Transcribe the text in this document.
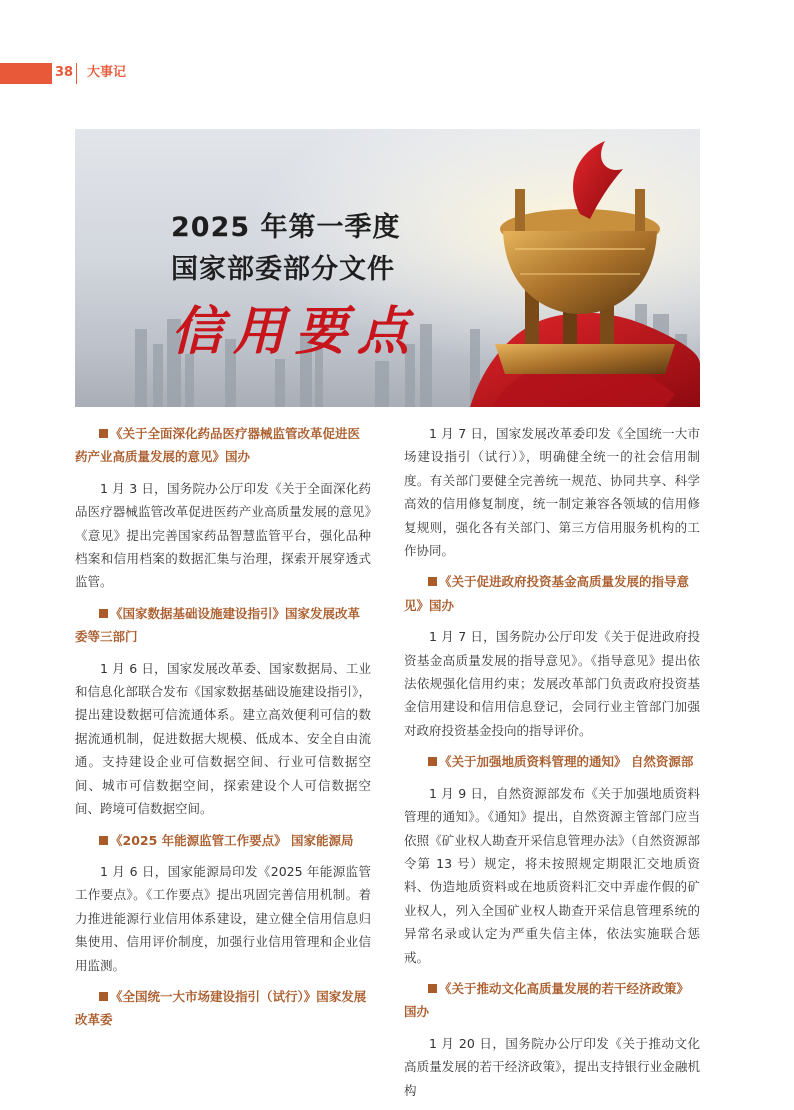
38 大事记
2025 年第一季度
国家部委部分文件
信用要点
《关于全面深化药品医疗器械监管改革促进医药产业高质量发展的意见》国办
1 月 3 日，国务院办公厅印发《关于全面深化药品医疗器械监管改革促进医药产业高质量发展的意见》《意见》提出完善国家药品智慧监管平台，强化品种档案和信用档案的数据汇集与治理，探索开展穿透式监管。
《国家数据基础设施建设指引》国家发展改革委等三部门
1 月 6 日，国家发展改革委、国家数据局、工业和信息化部联合发布《国家数据基础设施建设指引》，提出建设数据可信流通体系。建立高效便利可信的数据流通机制，促进数据大规模、低成本、安全自由流通。支持建设企业可信数据空间、行业可信数据空间、城市可信数据空间，探索建设个人可信数据空间、跨境可信数据空间。
《2025 年能源监管工作要点》 国家能源局
1 月 6 日，国家能源局印发《2025 年能源监管工作要点》。《工作要点》提出巩固完善信用机制。着力推进能源行业信用体系建设，建立健全信用信息归集使用、信用评价制度，加强行业信用管理和企业信用监测。
《全国统一大市场建设指引（试行）》国家发展改革委
1 月 7 日，国家发展改革委印发《全国统一大市场建设指引（试行）》，明确健全统一的社会信用制度。有关部门要健全完善统一规范、协同共享、科学高效的信用修复制度，统一制定兼容各领域的信用修复规则，强化各有关部门、第三方信用服务机构的工作协同。
《关于促进政府投资基金高质量发展的指导意见》国办
1 月 7 日，国务院办公厅印发《关于促进政府投资基金高质量发展的指导意见》。《指导意见》提出依法依规强化信用约束；发展改革部门负责政府投资基金信用建设和信用信息登记，会同行业主管部门加强对政府投资基金投向的指导评价。
《关于加强地质资料管理的通知》 自然资源部
1 月 9 日，自然资源部发布《关于加强地质资料管理的通知》。《通知》提出，自然资源主管部门应当依照《矿业权人勘查开采信息管理办法》（自然资源部令第 13 号）规定，将未按照规定期限汇交地质资料、伪造地质资料或在地质资料汇交中弄虚作假的矿业权人，列入全国矿业权人勘查开采信息管理系统的异常名录或认定为严重失信主体，依法实施联合惩戒。
《关于推动文化高质量发展的若干经济政策》 国办
1 月 20 日，国务院办公厅印发《关于推动文化高质量发展的若干经济政策》，提出支持银行业金融机构
